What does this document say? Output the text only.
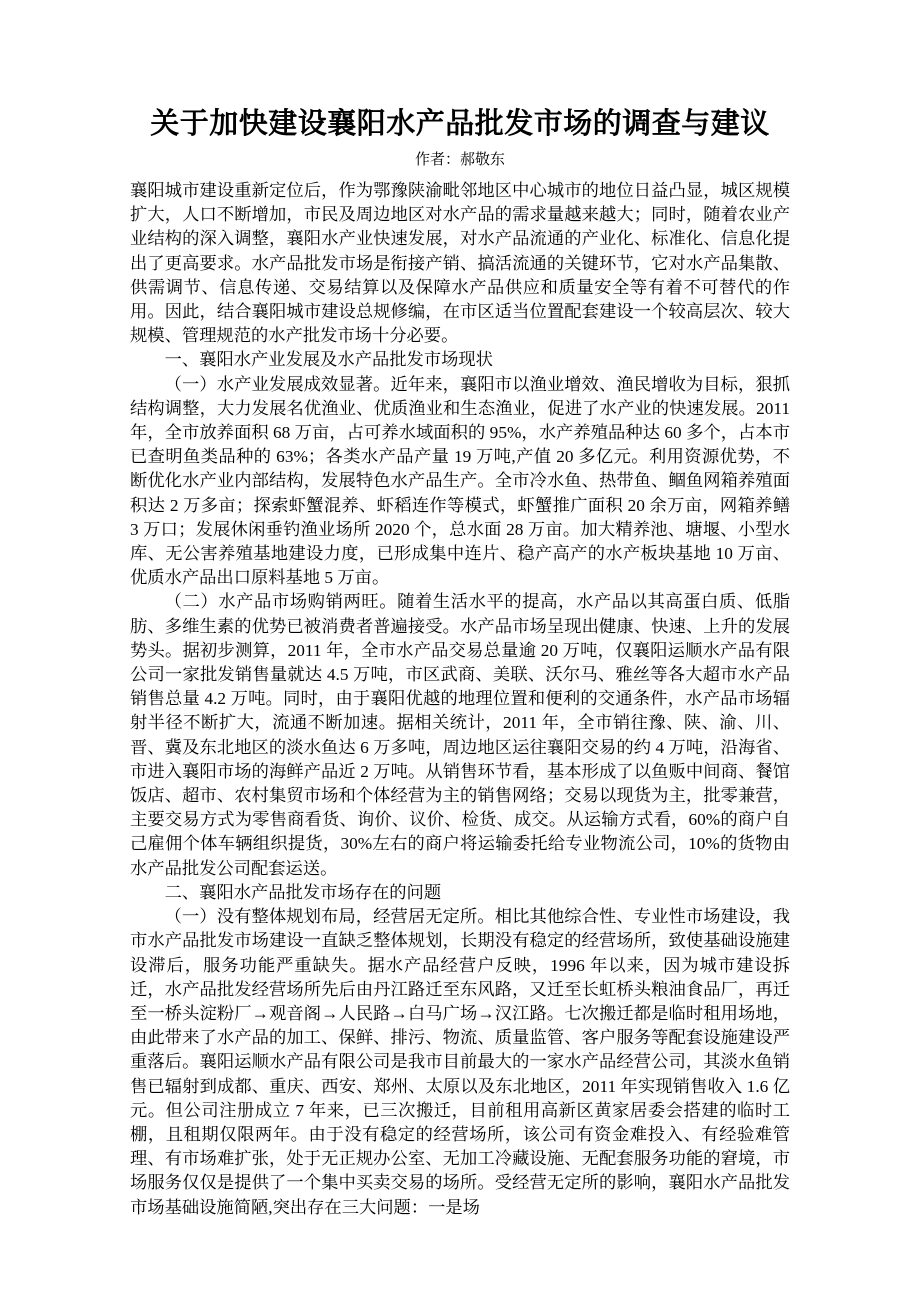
关于加快建设襄阳水产品批发市场的调查与建议
作者：郝敬东

襄阳城市建设重新定位后，作为鄂豫陕渝毗邻地区中心城市的地位日益凸显，城区规模扩大，人口不断增加，市民及周边地区对水产品的需求量越来越大；同时，随着农业产业结构的深入调整，襄阳水产业快速发展，对水产品流通的产业化、标准化、信息化提出了更高要求。水产品批发市场是衔接产销、搞活流通的关键环节，它对水产品集散、供需调节、信息传递、交易结算以及保障水产品供应和质量安全等有着不可替代的作用。因此，结合襄阳城市建设总规修编，在市区适当位置配套建设一个较高层次、较大规模、管理规范的水产批发市场十分必要。

一、襄阳水产业发展及水产品批发市场现状

（一）水产业发展成效显著。近年来，襄阳市以渔业增效、渔民增收为目标，狠抓结构调整，大力发展名优渔业、优质渔业和生态渔业，促进了水产业的快速发展。2011 年，全市放养面积 68 万亩，占可养水域面积的 95%，水产养殖品种达 60 多个，占本市已查明鱼类品种的 63%；各类水产品产量 19 万吨,产值 20 多亿元。利用资源优势，不断优化水产业内部结构，发展特色水产品生产。全市冷水鱼、热带鱼、鲴鱼网箱养殖面积达 2 万多亩；探索虾蟹混养、虾稻连作等模式，虾蟹推广面积 20 余万亩，网箱养鳝 3 万口；发展休闲垂钓渔业场所 2020 个，总水面 28 万亩。加大精养池、塘堰、小型水库、无公害养殖基地建设力度，已形成集中连片、稳产高产的水产板块基地 10 万亩、优质水产品出口原料基地 5 万亩。

（二）水产品市场购销两旺。随着生活水平的提高，水产品以其高蛋白质、低脂肪、多维生素的优势已被消费者普遍接受。水产品市场呈现出健康、快速、上升的发展势头。据初步测算，2011 年，全市水产品交易总量逾 20 万吨，仅襄阳运顺水产品有限公司一家批发销售量就达 4.5 万吨，市区武商、美联、沃尔马、雅丝等各大超市水产品销售总量 4.2 万吨。同时，由于襄阳优越的地理位置和便利的交通条件，水产品市场辐射半径不断扩大，流通不断加速。据相关统计，2011 年，全市销往豫、陕、渝、川、晋、冀及东北地区的淡水鱼达 6 万多吨，周边地区运往襄阳交易的约 4 万吨，沿海省、市进入襄阳市场的海鲜产品近 2 万吨。从销售环节看，基本形成了以鱼贩中间商、餐馆饭店、超市、农村集贸市场和个体经营为主的销售网络；交易以现货为主，批零兼营，主要交易方式为零售商看货、询价、议价、检货、成交。从运输方式看，60%的商户自己雇佣个体车辆组织提货，30%左右的商户将运输委托给专业物流公司，10%的货物由水产品批发公司配套运送。

二、襄阳水产品批发市场存在的问题

（一）没有整体规划布局，经营居无定所。相比其他综合性、专业性市场建设，我市水产品批发市场建设一直缺乏整体规划，长期没有稳定的经营场所，致使基础设施建设滞后，服务功能严重缺失。据水产品经营户反映，1996 年以来，因为城市建设拆迁，水产品批发经营场所先后由丹江路迁至东风路，又迁至长虹桥头粮油食品厂，再迁至一桥头淀粉厂→观音阁→人民路→白马广场→汉江路。七次搬迁都是临时租用场地，由此带来了水产品的加工、保鲜、排污、物流、质量监管、客户服务等配套设施建设严重落后。襄阳运顺水产品有限公司是我市目前最大的一家水产品经营公司，其淡水鱼销售已辐射到成都、重庆、西安、郑州、太原以及东北地区，2011 年实现销售收入 1.6 亿元。但公司注册成立 7 年来，已三次搬迁，目前租用高新区黄家居委会搭建的临时工棚，且租期仅限两年。由于没有稳定的经营场所，该公司有资金难投入、有经验难管理、有市场难扩张，处于无正规办公室、无加工冷藏设施、无配套服务功能的窘境，市场服务仅仅是提供了一个集中买卖交易的场所。受经营无定所的影响，襄阳水产品批发市场基础设施简陋,突出存在三大问题：一是场
